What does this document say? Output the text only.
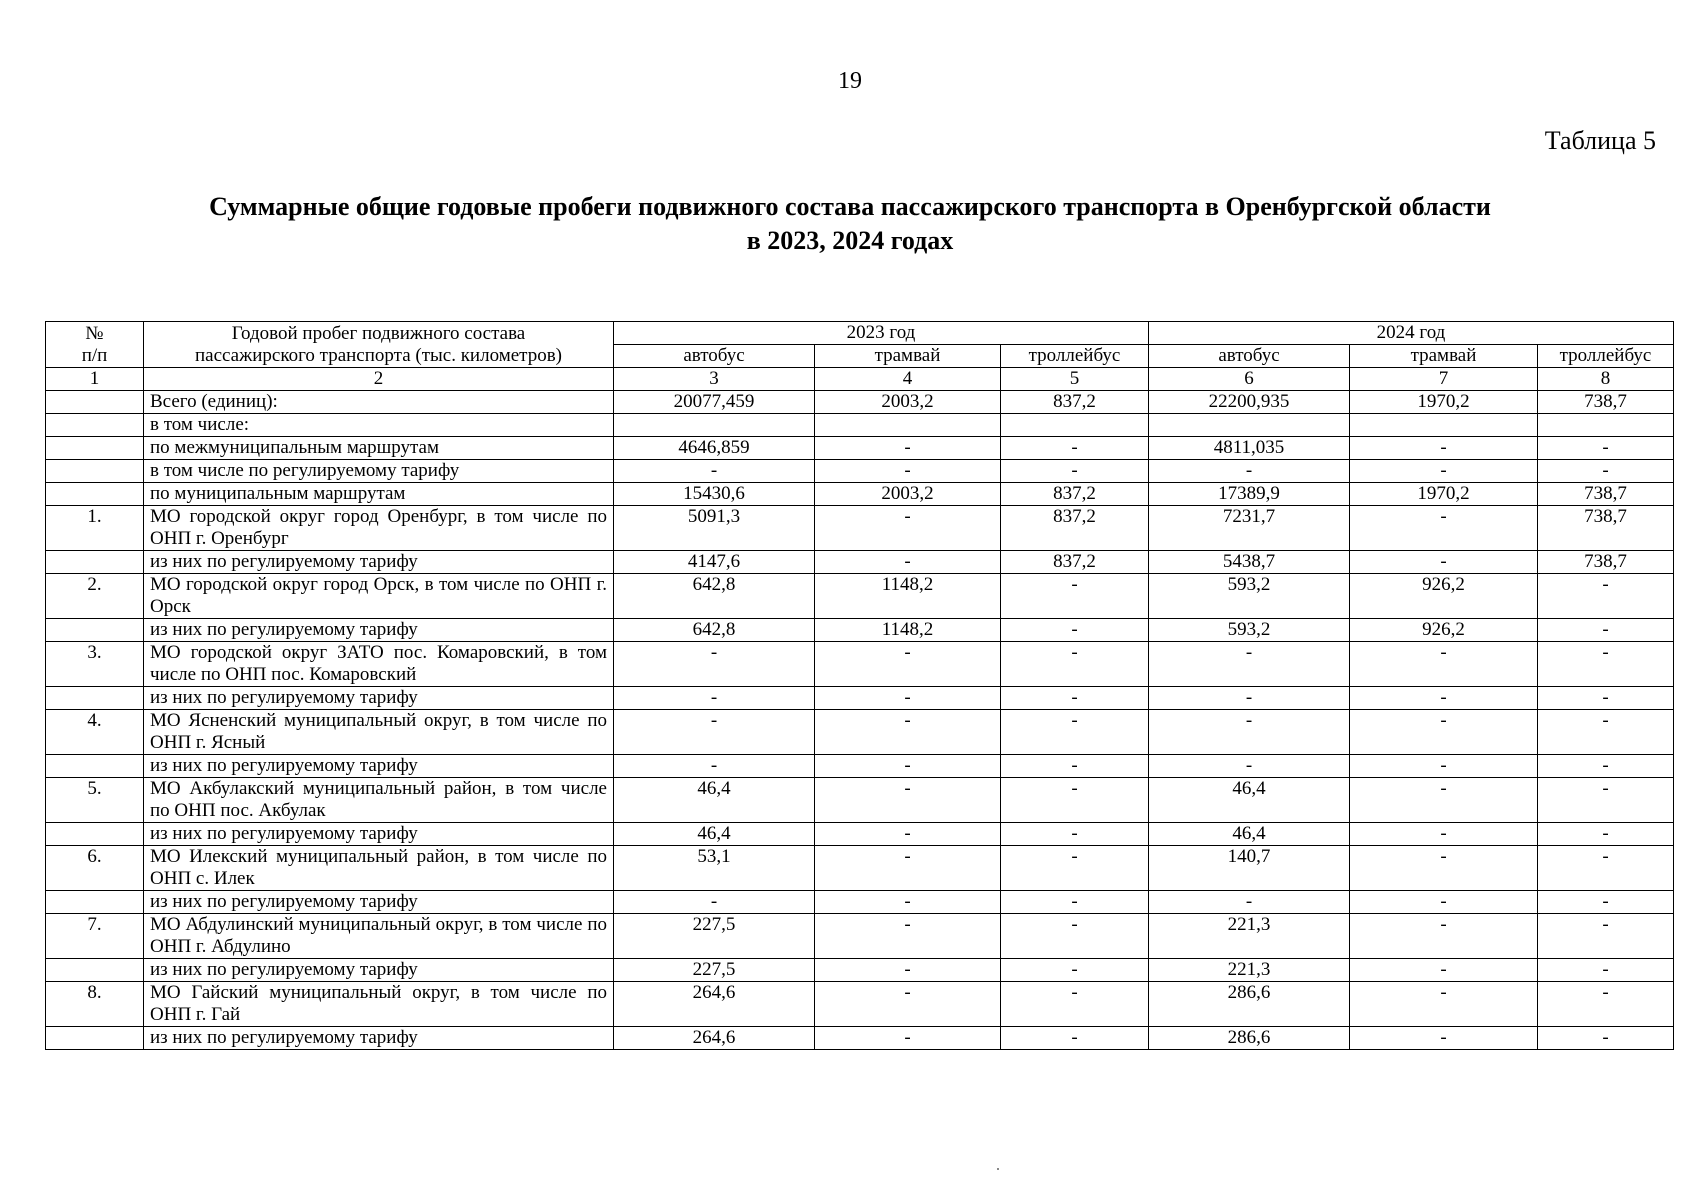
19
Таблица 5
Суммарные общие годовые пробеги подвижного состава пассажирского транспорта в Оренбургской области
в 2023, 2024 годах
№
п/п	Годовой пробег подвижного состава
пассажирского транспорта (тыс. километров)	2023 год			2024 год		
		автобус	трамвай	троллейбус	автобус	трамвай	троллейбус
1	2	3	4	5	6	7	8
	Всего (единиц):	20077,459	2003,2	837,2	22200,935	1970,2	738,7
	в том числе:						
	по межмуниципальным маршрутам	4646,859	-	-	4811,035	-	-
	в том числе по регулируемому тарифу	-	-	-	-	-	-
	по муниципальным маршрутам	15430,6	2003,2	837,2	17389,9	1970,2	738,7
1.	МО городской округ город Оренбург, в том числе по ОНП г. Оренбург	5091,3	-	837,2	7231,7	-	738,7
	из них по регулируемому тарифу	4147,6	-	837,2	5438,7	-	738,7
2.	МО городской округ город Орск, в том числе по ОНП г. Орск	642,8	1148,2	-	593,2	926,2	-
	из них по регулируемому тарифу	642,8	1148,2	-	593,2	926,2	-
3.	МО городской округ ЗАТО пос. Комаровский, в том числе по ОНП пос. Комаровский	-	-	-	-	-	-
	из них по регулируемому тарифу	-	-	-	-	-	-
4.	МО Ясненский муниципальный округ, в том числе по ОНП г. Ясный	-	-	-	-	-	-
	из них по регулируемому тарифу	-	-	-	-	-	-
5.	МО Акбулакский муниципальный район, в том числе по ОНП пос. Акбулак	46,4	-	-	46,4	-	-
	из них по регулируемому тарифу	46,4	-	-	46,4	-	-
6.	МО Илекский муниципальный район, в том числе по ОНП с. Илек	53,1	-	-	140,7	-	-
	из них по регулируемому тарифу	-	-	-	-	-	-
7.	МО Абдулинский муниципальный округ, в том числе по ОНП г. Абдулино	227,5	-	-	221,3	-	-
	из них по регулируемому тарифу	227,5	-	-	221,3	-	-
8.	МО Гайский муниципальный округ, в том числе по ОНП г. Гай	264,6	-	-	286,6	-	-
	из них по регулируемому тарифу	264,6	-	-	286,6	-	-
